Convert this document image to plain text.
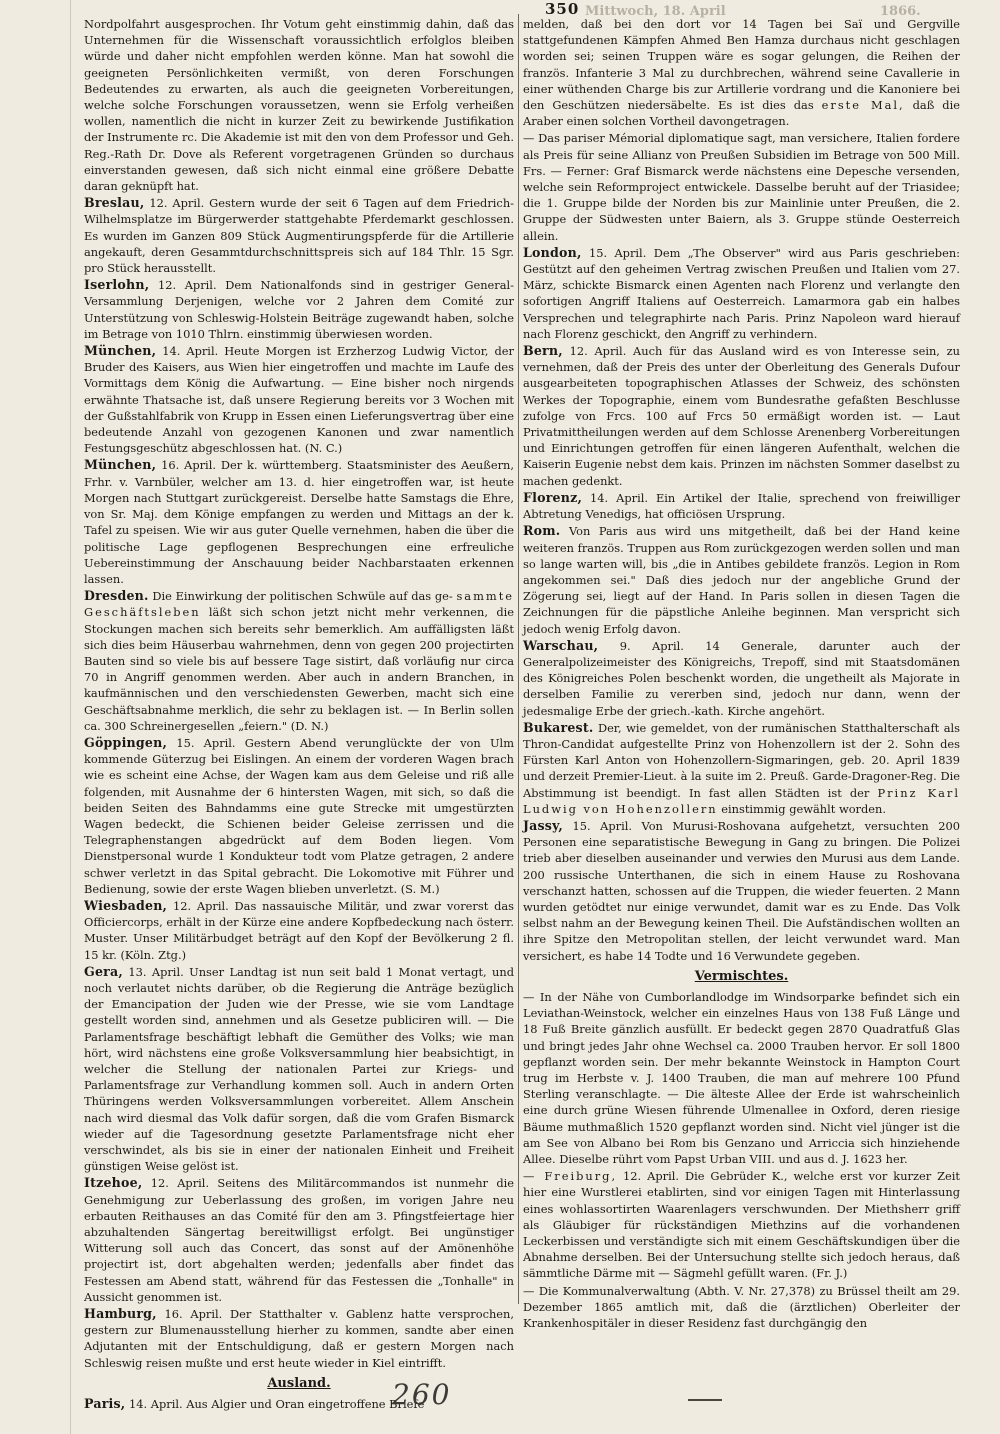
350 Mittwoch, 18. April	1866.

Nordpolfahrt ausgesprochen. Ihr Votum geht einstimmig dahin, daß das Unternehmen für die Wissenschaft voraussichtlich erfolglos bleiben würde und daher nicht empfohlen werden könne. Man hat sowohl die geeigneten Persönlichkeiten vermißt, von deren Forschungen Bedeutendes zu erwarten, als auch die geeigneten Vorbereitungen, welche solche Forschungen voraussetzen, wenn sie Erfolg verheißen wollen, namentlich die nicht in kurzer Zeit zu bewirkende Justifikation der Instrumente rc. Die Akademie ist mit den von dem Professor und Geh. Reg.-Rath Dr. Dove als Referent vorgetragenen Gründen so durchaus einverstanden gewesen, daß sich nicht einmal eine größere Debatte daran geknüpft hat.

Breslau, 12. April. Gestern wurde der seit 6 Tagen auf dem Friedrich-Wilhelmsplatze im Bürgerwerder stattgehabte Pferdemarkt geschlossen. Es wurden im Ganzen 809 Stück Augmentirungspferde für die Artillerie angekauft, deren Gesammtdurchschnittspreis sich auf 184 Thlr. 15 Sgr. pro Stück herausstellt.

Iserlohn, 12. April. Dem Nationalfonds sind in gestriger General-Versammlung Derjenigen, welche vor 2 Jahren dem Comité zur Unterstützung von Schleswig-Holstein Beiträge zugewandt haben, solche im Betrage von 1010 Thlrn. einstimmig überwiesen worden.

München, 14. April. Heute Morgen ist Erzherzog Ludwig Victor, der Bruder des Kaisers, aus Wien hier eingetroffen und machte im Laufe des Vormittags dem König die Aufwartung. — Eine bisher noch nirgends erwähnte Thatsache ist, daß unsere Regierung bereits vor 3 Wochen mit der Gußstahlfabrik von Krupp in Essen einen Lieferungsvertrag über eine bedeutende Anzahl von gezogenen Kanonen und zwar namentlich Festungsgeschütz abgeschlossen hat. (N. C.)

München, 16. April. Der k. württemberg. Staatsminister des Aeußern, Frhr. v. Varnbüler, welcher am 13. d. hier eingetroffen war, ist heute Morgen nach Stuttgart zurückgereist. Derselbe hatte Samstags die Ehre, von Sr. Maj. dem Könige empfangen zu werden und Mittags an der k. Tafel zu speisen. Wie wir aus guter Quelle vernehmen, haben die über die politische Lage gepflogenen Besprechungen eine erfreuliche Uebereinstimmung der Anschauung beider Nachbarstaaten erkennen lassen.

Dresden. Die Einwirkung der politischen Schwüle auf das ge- sammte Geschäftsleben läßt sich schon jetzt nicht mehr verkennen, die Stockungen machen sich bereits sehr bemerklich. Am auffälligsten läßt sich dies beim Häuserbau wahrnehmen, denn von gegen 200 projectirten Bauten sind so viele bis auf bessere Tage sistirt, daß vorläufig nur circa 70 in Angriff genommen werden. Aber auch in andern Branchen, in kaufmännischen und den verschiedensten Gewerben, macht sich eine Geschäftsabnahme merklich, die sehr zu beklagen ist. — In Berlin sollen ca. 300 Schreinergesellen „feiern." (D. N.)

Göppingen, 15. April. Gestern Abend verunglückte der von Ulm kommende Güterzug bei Eislingen. An einem der vorderen Wagen brach wie es scheint eine Achse, der Wagen kam aus dem Geleise und riß alle folgenden, mit Ausnahme der 6 hintersten Wagen, mit sich, so daß die beiden Seiten des Bahndamms eine gute Strecke mit umgestürzten Wagen bedeckt, die Schienen beider Geleise zerrissen und die Telegraphenstangen abgedrückt auf dem Boden liegen. Vom Dienstpersonal wurde 1 Kondukteur todt vom Platze getragen, 2 andere schwer verletzt in das Spital gebracht. Die Lokomotive mit Führer und Bedienung, sowie der erste Wagen blieben unverletzt. (S. M.)

Wiesbaden, 12. April. Das nassauische Militär, und zwar vorerst das Officiercorps, erhält in der Kürze eine andere Kopfbedeckung nach österr. Muster. Unser Militärbudget beträgt auf den Kopf der Bevölkerung 2 fl. 15 kr. (Köln. Ztg.)

Gera, 13. April. Unser Landtag ist nun seit bald 1 Monat vertagt, und noch verlautet nichts darüber, ob die Regierung die Anträge bezüglich der Emancipation der Juden wie der Presse, wie sie vom Landtage gestellt worden sind, annehmen und als Gesetze publiciren will. — Die Parlamentsfrage beschäftigt lebhaft die Gemüther des Volks; wie man hört, wird nächstens eine große Volksversammlung hier beabsichtigt, in welcher die Stellung der nationalen Partei zur Kriegs- und Parlamentsfrage zur Verhandlung kommen soll. Auch in andern Orten Thüringens werden Volksversammlungen vorbereitet. Allem Anschein nach wird diesmal das Volk dafür sorgen, daß die vom Grafen Bismarck wieder auf die Tagesordnung gesetzte Parlamentsfrage nicht eher verschwindet, als bis sie in einer der nationalen Einheit und Freiheit günstigen Weise gelöst ist.

Itzehoe, 12. April. Seitens des Militärcommandos ist nunmehr die Genehmigung zur Ueberlassung des großen, im vorigen Jahre neu erbauten Reithauses an das Comité für den am 3. Pfingstfeiertage hier abzuhaltenden Sängertag bereitwilligst erfolgt. Bei ungünstiger Witterung soll auch das Concert, das sonst auf der Amönenhöhe projectirt ist, dort abgehalten werden; jedenfalls aber findet das Festessen am Abend statt, während für das Festessen die „Tonhalle" in Aussicht genommen ist.

Hamburg, 16. April. Der Statthalter v. Gablenz hatte versprochen, gestern zur Blumenausstellung hierher zu kommen, sandte aber einen Adjutanten mit der Entschuldigung, daß er gestern Morgen nach Schleswig reisen mußte und erst heute wieder in Kiel eintrifft.

Ausland.

Paris, 14. April. Aus Algier und Oran eingetroffene Briefe

melden, daß bei den dort vor 14 Tagen bei Saï und Gergville stattgefundenen Kämpfen Ahmed Ben Hamza durchaus nicht geschlagen worden sei; seinen Truppen wäre es sogar gelungen, die Reihen der französ. Infanterie 3 Mal zu durchbrechen, während seine Cavallerie in einer wüthenden Charge bis zur Artillerie vordrang und die Kanoniere bei den Geschützen niedersäbelte. Es ist dies das erste Mal, daß die Araber einen solchen Vortheil davongetragen.

— Das pariser Mémorial diplomatique sagt, man versichere, Italien fordere als Preis für seine Allianz von Preußen Subsidien im Betrage von 500 Mill. Frs. — Ferner: Graf Bismarck werde nächstens eine Depesche versenden, welche sein Reformproject entwickele. Dasselbe beruht auf der Triasidee; die 1. Gruppe bilde der Norden bis zur Mainlinie unter Preußen, die 2. Gruppe der Südwesten unter Baiern, als 3. Gruppe stünde Oesterreich allein.

London, 15. April. Dem „The Observer" wird aus Paris geschrieben: Gestützt auf den geheimen Vertrag zwischen Preußen und Italien vom 27. März, schickte Bismarck einen Agenten nach Florenz und verlangte den sofortigen Angriff Italiens auf Oesterreich. Lamarmora gab ein halbes Versprechen und telegraphirte nach Paris. Prinz Napoleon ward hierauf nach Florenz geschickt, den Angriff zu verhindern.

Bern, 12. April. Auch für das Ausland wird es von Interesse sein, zu vernehmen, daß der Preis des unter der Oberleitung des Generals Dufour ausgearbeiteten topographischen Atlasses der Schweiz, des schönsten Werkes der Topographie, einem vom Bundesrathe gefaßten Beschlusse zufolge von Frcs. 100 auf Frcs 50 ermäßigt worden ist. — Laut Privatmittheilungen werden auf dem Schlosse Arenenberg Vorbereitungen und Einrichtungen getroffen für einen längeren Aufenthalt, welchen die Kaiserin Eugenie nebst dem kais. Prinzen im nächsten Sommer daselbst zu machen gedenkt.

Florenz, 14. April. Ein Artikel der Italie, sprechend von freiwilliger Abtretung Venedigs, hat officiösen Ursprung.

Rom. Von Paris aus wird uns mitgetheilt, daß bei der Hand keine weiteren französ. Truppen aus Rom zurückgezogen werden sollen und man so lange warten will, bis „die in Antibes gebildete französ. Legion in Rom angekommen sei." Daß dies jedoch nur der angebliche Grund der Zögerung sei, liegt auf der Hand. In Paris sollen in diesen Tagen die Zeichnungen für die päpstliche Anleihe beginnen. Man verspricht sich jedoch wenig Erfolg davon.

Warschau, 9. April. 14 Generale, darunter auch der Generalpolizeimeister des Königreichs, Trepoff, sind mit Staatsdomänen des Königreiches Polen beschenkt worden, die ungetheilt als Majorate in derselben Familie zu vererben sind, jedoch nur dann, wenn der jedesmalige Erbe der griech.-kath. Kirche angehört.

Bukarest. Der, wie gemeldet, von der rumänischen Statthalterschaft als Thron-Candidat aufgestellte Prinz von Hohenzollern ist der 2. Sohn des Fürsten Karl Anton von Hohenzollern-Sigmaringen, geb. 20. April 1839 und derzeit Premier-Lieut. à la suite im 2. Preuß. Garde-Dragoner-Reg. Die Abstimmung ist beendigt. In fast allen Städten ist der Prinz Karl Ludwig von Hohenzollern einstimmig gewählt worden.

Jassy, 15. April. Von Murusi-Roshovana aufgehetzt, versuchten 200 Personen eine separatistische Bewegung in Gang zu bringen. Die Polizei trieb aber dieselben auseinander und verwies den Murusi aus dem Lande. 200 russische Unterthanen, die sich in einem Hause zu Roshovana verschanzt hatten, schossen auf die Truppen, die wieder feuerten. 2 Mann wurden getödtet nur einige verwundet, damit war es zu Ende. Das Volk selbst nahm an der Bewegung keinen Theil. Die Aufständischen wollten an ihre Spitze den Metropolitan stellen, der leicht verwundet ward. Man versichert, es habe 14 Todte und 16 Verwundete gegeben.

Vermischtes.

— In der Nähe von Cumborlandlodge im Windsorparke befindet sich ein Leviathan-Weinstock, welcher ein einzelnes Haus von 138 Fuß Länge und 18 Fuß Breite gänzlich ausfüllt. Er bedeckt gegen 2870 Quadratfuß Glas und bringt jedes Jahr ohne Wechsel ca. 2000 Trauben hervor. Er soll 1800 gepflanzt worden sein. Der mehr bekannte Weinstock in Hampton Court trug im Herbste v. J. 1400 Trauben, die man auf mehrere 100 Pfund Sterling veranschlagte. — Die älteste Allee der Erde ist wahrscheinlich eine durch grüne Wiesen führende Ulmenallee in Oxford, deren riesige Bäume muthmaßlich 1520 gepflanzt worden sind. Nicht viel jünger ist die am See von Albano bei Rom bis Genzano und Arriccia sich hinziehende Allee. Dieselbe rührt vom Papst Urban VIII. und aus d. J. 1623 her.

— Freiburg, 12. April. Die Gebrüder K., welche erst vor kurzer Zeit hier eine Wurstlerei etablirten, sind vor einigen Tagen mit Hinterlassung eines wohlassortirten Waarenlagers verschwunden. Der Miethsherr griff als Gläubiger für rückständigen Miethzins auf die vorhandenen Leckerbissen und verständigte sich mit einem Geschäftskundigen über die Abnahme derselben. Bei der Untersuchung stellte sich jedoch heraus, daß sämmtliche Därme mit — Sägmehl gefüllt waren. (Fr. J.)

— Die Kommunalverwaltung (Abth. V. Nr. 27,378) zu Brüssel theilt am 29. Dezember 1865 amtlich mit, daß die (ärztlichen) Oberleiter der Krankenhospitäler in dieser Residenz fast durchgängig den

260
